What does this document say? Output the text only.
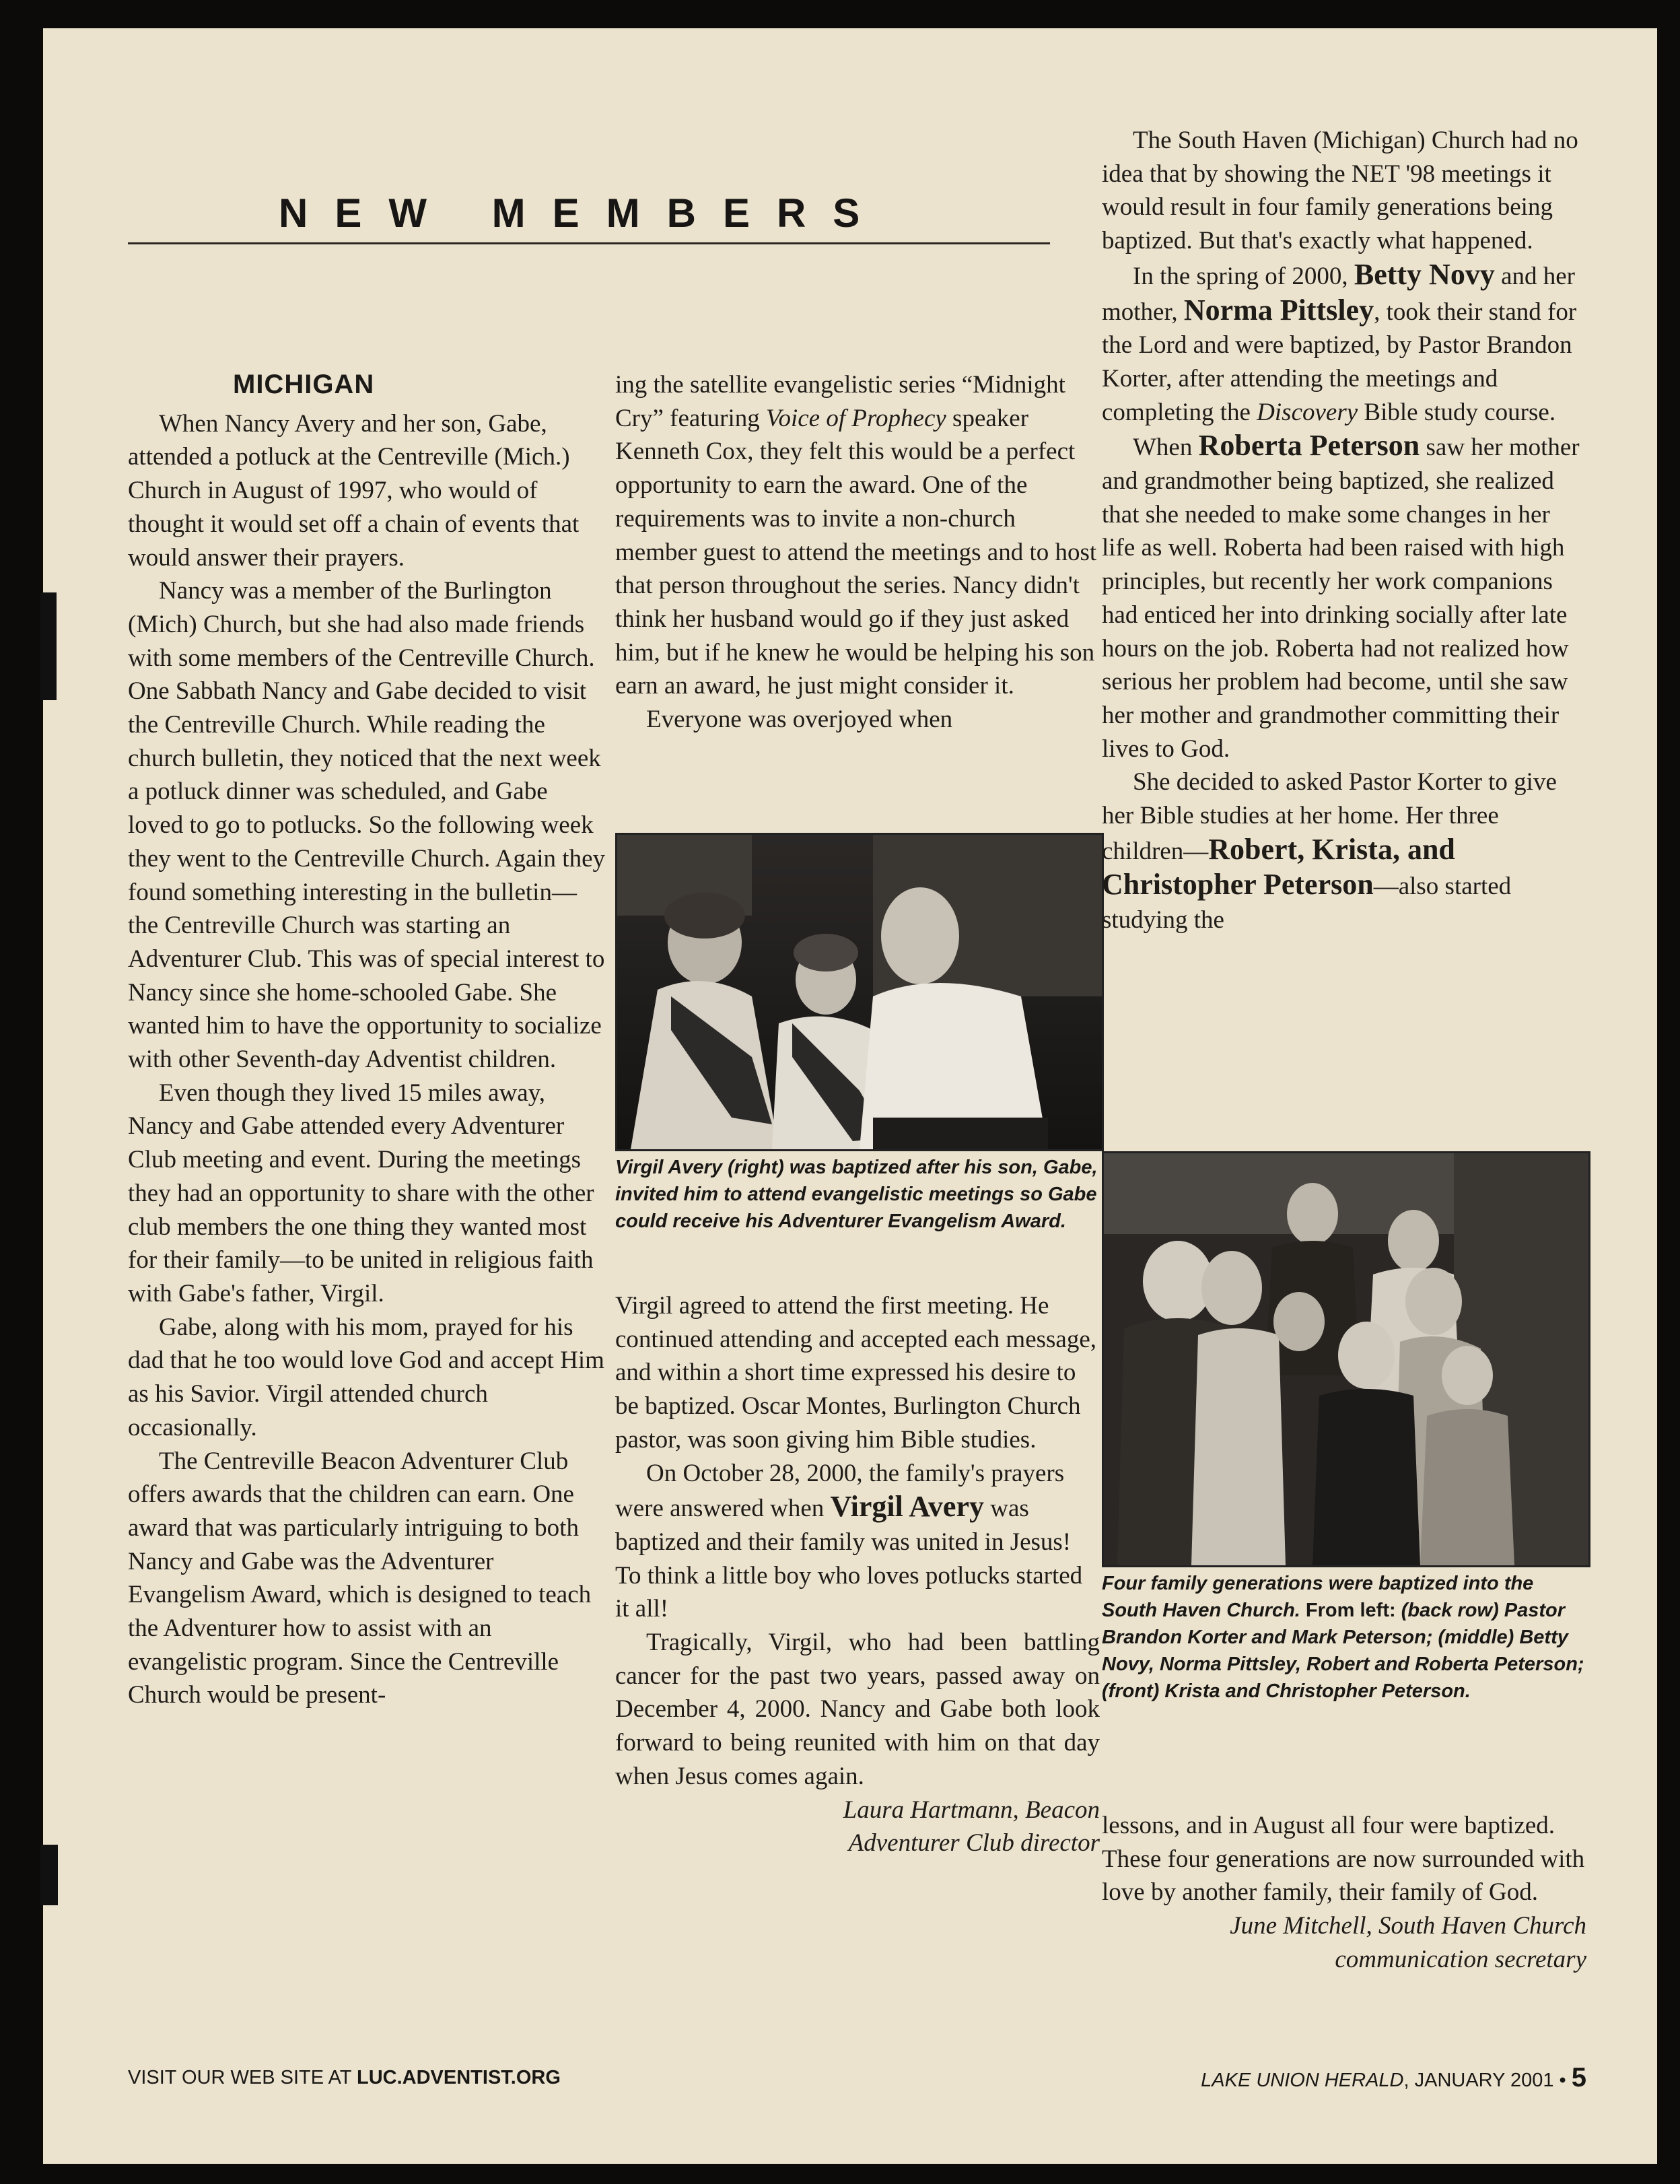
NEW MEMBERS
MICHIGAN

When Nancy Avery and her son, Gabe, attended a potluck at the Centreville (Mich.) Church in August of 1997, who would of thought it would set off a chain of events that would answer their prayers.

Nancy was a member of the Burlington (Mich) Church, but she had also made friends with some members of the Centreville Church. One Sabbath Nancy and Gabe decided to visit the Centreville Church. While reading the church bulletin, they noticed that the next week a potluck dinner was scheduled, and Gabe loved to go to potlucks. So the following week they went to the Centreville Church. Again they found something interesting in the bulletin—the Centreville Church was starting an Adventurer Club. This was of special interest to Nancy since she home-schooled Gabe. She wanted him to have the opportunity to socialize with other Seventh-day Adventist children.

Even though they lived 15 miles away, Nancy and Gabe attended every Adventurer Club meeting and event. During the meetings they had an opportunity to share with the other club members the one thing they wanted most for their family—to be united in religious faith with Gabe's father, Virgil.

Gabe, along with his mom, prayed for his dad that he too would love God and accept Him as his Savior. Virgil attended church occasionally.

The Centreville Beacon Adventurer Club offers awards that the children can earn. One award that was particularly intriguing to both Nancy and Gabe was the Adventurer Evangelism Award, which is designed to teach the Adventurer how to assist with an evangelistic program. Since the Centreville Church would be present-

ing the satellite evangelistic series “Midnight Cry” featuring Voice of Prophecy speaker Kenneth Cox, they felt this would be a perfect opportunity to earn the award. One of the requirements was to invite a non-church member guest to attend the meetings and to host that person throughout the series. Nancy didn't think her husband would go if they just asked him, but if he knew he would be helping his son earn an award, he just might consider it.

Everyone was overjoyed when

Virgil Avery (right) was baptized after his son, Gabe, invited him to attend evangelistic meetings so Gabe could receive his Adventurer Evangelism Award.

Virgil agreed to attend the first meeting. He continued attending and accepted each message, and within a short time expressed his desire to be baptized. Oscar Montes, Burlington Church pastor, was soon giving him Bible studies.

On October 28, 2000, the family's prayers were answered when Virgil Avery was baptized and their family was united in Jesus! To think a little boy who loves potlucks started it all!

Tragically, Virgil, who had been battling cancer for the past two years, passed away on December 4, 2000. Nancy and Gabe both look forward to being reunited with him on that day when Jesus comes again.

Laura Hartmann, Beacon

Adventurer Club director

The South Haven (Michigan) Church had no idea that by showing the NET '98 meetings it would result in four family generations being baptized. But that's exactly what happened.

In the spring of 2000, Betty Novy and her mother, Norma Pittsley, took their stand for the Lord and were baptized, by Pastor Brandon Korter, after attending the meetings and completing the Discovery Bible study course.

When Roberta Peterson saw her mother and grandmother being baptized, she realized that she needed to make some changes in her life as well. Roberta had been raised with high principles, but recently her work companions had enticed her into drinking socially after late hours on the job. Roberta had not realized how serious her problem had become, until she saw her mother and grandmother committing their lives to God.

She decided to asked Pastor Korter to give her Bible studies at her home. Her three children—Robert, Krista, and Christopher Peterson—also started studying the

Four family generations were baptized into the South Haven Church. From left: (back row) Pastor Brandon Korter and Mark Peterson; (middle) Betty Novy, Norma Pittsley, Robert and Roberta Peterson; (front) Krista and Christopher Peterson.

lessons, and in August all four were baptized. These four generations are now surrounded with love by another family, their family of God.

June Mitchell, South Haven Church

communication secretary

VISIT OUR WEB SITE AT LUC.ADVENTIST.ORG	LAKE UNION HERALD, JANUARY 2001 • 5
